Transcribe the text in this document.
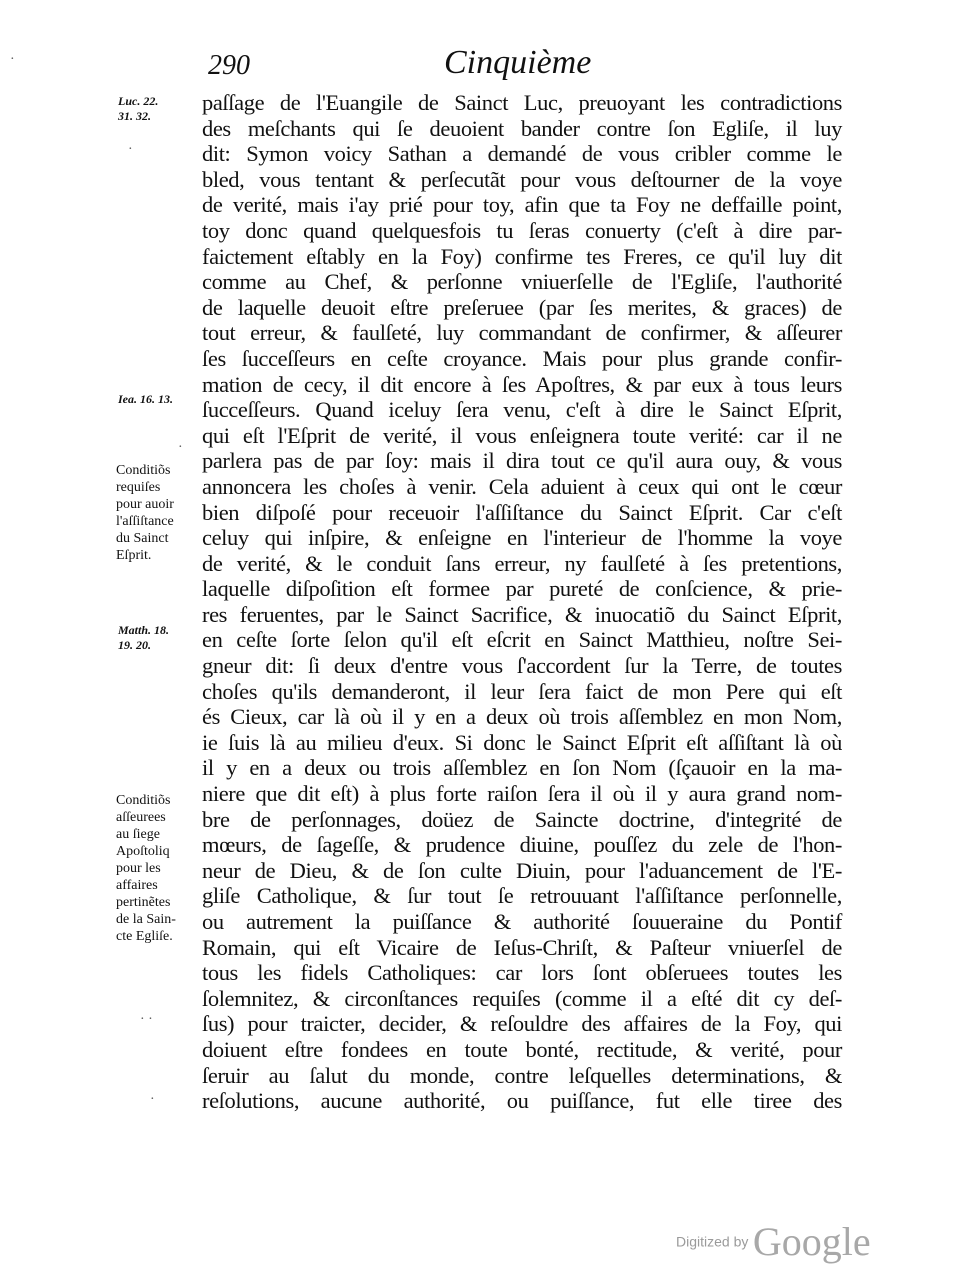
290	Cinquième
Luc. 22.
31. 32.
Iea. 16. 13.
Conditiõs
requiſes
pour auoir
l'aſſiſtance
du Sainct
Eſprit.
Matth. 18.
19. 20.
Conditiõs
aſſeurees
au ſiege
Apoſtoliq
pour les
affaires
pertinẽtes
de la Sain-
cte Egliſe.
·
·
·
· ·
·
paſſage de l'Euangile de Sainct Luc, preuoyant les contradictions
des meſchants qui ſe deuoient bander contre ſon Egliſe, il luy
dit: Symon voicy Sathan a demandé de vous cribler comme le
bled, vous tentant & perſecutãt pour vous deſtourner de la voye
de verité, mais i'ay prié pour toy, afin que ta Foy ne deffaille point,
toy donc quand quelquesfois tu ſeras conuerty (c'eſt à dire par-
faictement eſtably en la Foy) confirme tes Freres, ce qu'il luy dit
comme au Chef, & perſonne vniuerſelle de l'Egliſe, l'authorité
de laquelle deuoit eſtre preſeruee (par ſes merites, & graces) de
tout erreur, & faulſeté, luy commandant de confirmer, & aſſeurer
ſes ſucceſſeurs en ceſte croyance. Mais pour plus grande confir-
mation de cecy, il dit encore à ſes Apoſtres, & par eux à tous leurs
ſucceſſeurs. Quand iceluy ſera venu, c'eſt à dire le Sainct Eſprit,
qui eſt l'Eſprit de verité, il vous enſeignera toute verité: car il ne
parlera pas de par ſoy: mais il dira tout ce qu'il aura ouy, & vous
annoncera les choſes à venir. Cela aduient à ceux qui ont le cœur
bien diſpoſé pour receuoir l'aſſiſtance du Sainct Eſprit. Car c'eſt
celuy qui inſpire, & enſeigne en l'interieur de l'homme la voye
de verité, & le conduit ſans erreur, ny faulſeté à ſes pretentions,
laquelle diſpoſition eſt formee par pureté de conſcience, & prie-
res feruentes, par le Sainct Sacrifice, & inuocatiõ du Sainct Eſprit,
en ceſte ſorte ſelon qu'il eſt eſcrit en Sainct Matthieu, noſtre Sei-
gneur dit: ſi deux d'entre vous ſ'accordent ſur la Terre, de toutes
choſes qu'ils demanderont, il leur ſera faict de mon Pere qui eſt
és Cieux, car là où il y en a deux où trois aſſemblez en mon Nom,
ie ſuis là au milieu d'eux. Si donc le Sainct Eſprit eſt aſſiſtant là où
il y en a deux ou trois aſſemblez en ſon Nom (ſçauoir en la ma-
niere que dit eſt) à plus forte raiſon ſera il où il y aura grand nom-
bre de perſonnages, doüez de Saincte doctrine, d'integrité de
mœurs, de ſageſſe, & prudence diuine, pouſſez du zele de l'hon-
neur de Dieu, & de ſon culte Diuin, pour l'aduancement de l'E-
gliſe Catholique, & ſur tout ſe retrouuant l'aſſiſtance perſonnelle,
ou autrement la puiſſance & authorité ſouueraine du Pontif
Romain, qui eſt Vicaire de Ieſus-Chriſt, & Paſteur vniuerſel de
tous les fidels Catholiques: car lors ſont obſeruees toutes les
ſolemnitez, & circonſtances requiſes (comme il a eſté dit cy deſ-
ſus) pour traicter, decider, & reſouldre des affaires de la Foy, qui
doiuent eſtre fondees en toute bonté, rectitude, & verité, pour
ſeruir au ſalut du monde, contre leſquelles determinations, &
reſolutions, aucune authorité, ou puiſſance, fut elle tiree des
Digitized by Google
